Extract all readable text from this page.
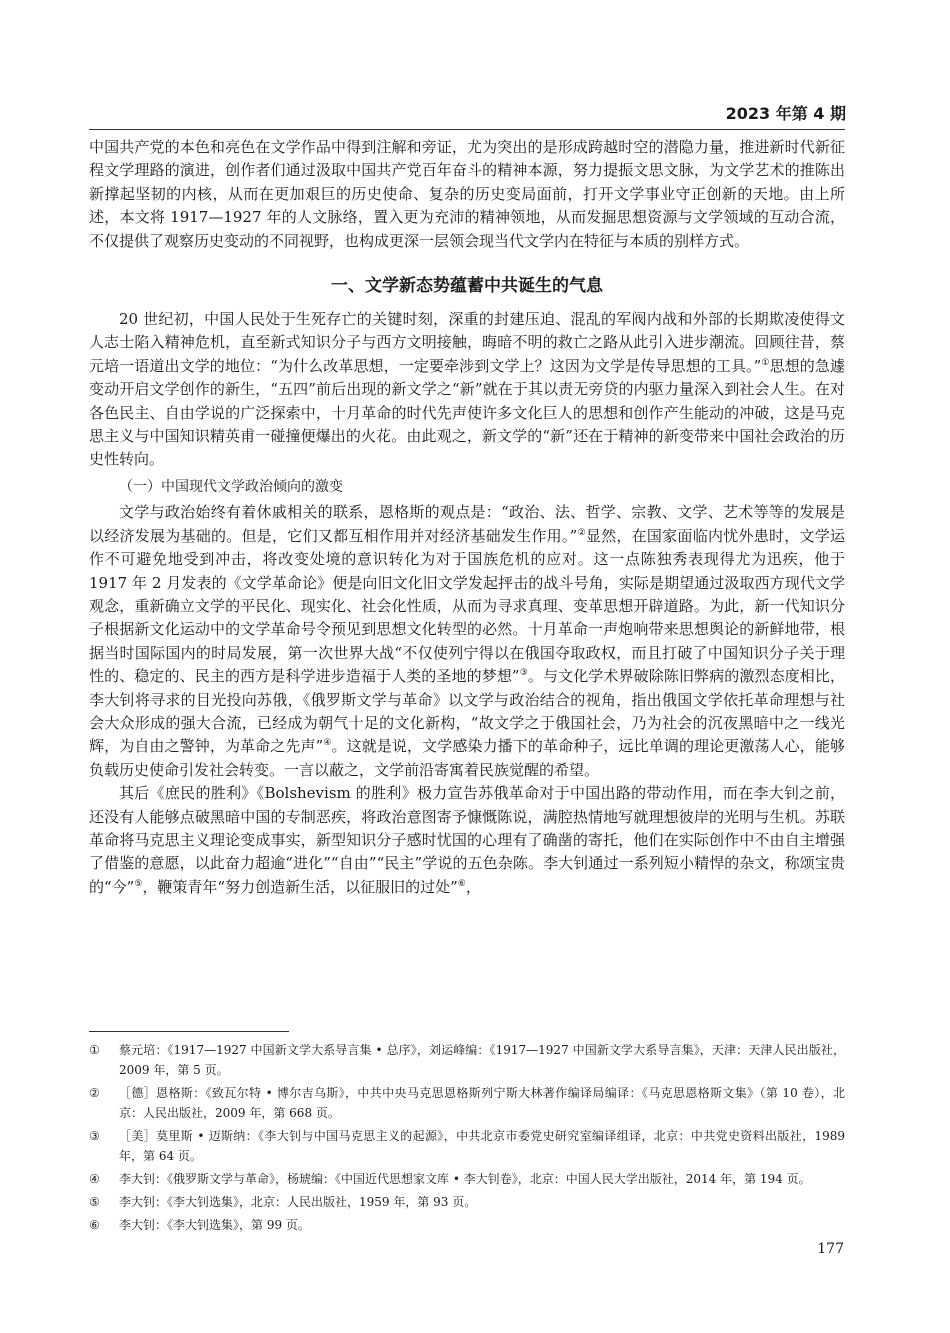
2023 年第 4 期

中国共产党的本色和亮色在文学作品中得到注解和旁证，尤为突出的是形成跨越时空的潜隐力量，推进新时代新征程文学理路的演进，创作者们通过汲取中国共产党百年奋斗的精神本源，努力提振文思文脉，为文学艺术的推陈出新撑起坚韧的内核，从而在更加艰巨的历史使命、复杂的历史变局面前，打开文学事业守正创新的天地。由上所述，本文将 1917—1927 年的人文脉络，置入更为充沛的精神领地，从而发掘思想资源与文学领域的互动合流，不仅提供了观察历史变动的不同视野，也构成更深一层领会现当代文学内在特征与本质的别样方式。

一、文学新态势蕴蓄中共诞生的气息

20 世纪初，中国人民处于生死存亡的关键时刻，深重的封建压迫、混乱的军阀内战和外部的长期欺凌使得文人志士陷入精神危机，直至新式知识分子与西方文明接触，晦暗不明的救亡之路从此引入进步潮流。回顾往昔，蔡元培一语道出文学的地位：“为什么改革思想，一定要牵涉到文学上？这因为文学是传导思想的工具。”①思想的急遽变动开启文学创作的新生，“五四”前后出现的新文学之“新”就在于其以责无旁贷的内驱力量深入到社会人生。在对各色民主、自由学说的广泛探索中，十月革命的时代先声使许多文化巨人的思想和创作产生能动的冲破，这是马克思主义与中国知识精英甫一碰撞便爆出的火花。由此观之，新文学的“新”还在于精神的新变带来中国社会政治的历史性转向。

（一）中国现代文学政治倾向的激变

文学与政治始终有着休戚相关的联系，恩格斯的观点是：“政治、法、哲学、宗教、文学、艺术等等的发展是以经济发展为基础的。但是，它们又都互相作用并对经济基础发生作用。”②显然，在国家面临内忧外患时，文学运作不可避免地受到冲击，将改变处境的意识转化为对于国族危机的应对。这一点陈独秀表现得尤为迅疾，他于 1917 年 2 月发表的《文学革命论》便是向旧文化旧文学发起抨击的战斗号角，实际是期望通过汲取西方现代文学观念，重新确立文学的平民化、现实化、社会化性质，从而为寻求真理、变革思想开辟道路。为此，新一代知识分子根据新文化运动中的文学革命号令预见到思想文化转型的必然。十月革命一声炮响带来思想舆论的新鲜地带，根据当时国际国内的时局发展，第一次世界大战“不仅使列宁得以在俄国夺取政权，而且打破了中国知识分子关于理性的、稳定的、民主的西方是科学进步造福于人类的圣地的梦想”③。与文化学术界破除陈旧弊病的激烈态度相比，李大钊将寻求的目光投向苏俄，《俄罗斯文学与革命》以文学与政治结合的视角，指出俄国文学依托革命理想与社会大众形成的强大合流，已经成为朝气十足的文化新构，“故文学之于俄国社会，乃为社会的沉夜黑暗中之一线光辉，为自由之警钟，为革命之先声”④。这就是说，文学感染力播下的革命种子，远比单调的理论更激荡人心，能够负载历史使命引发社会转变。一言以蔽之，文学前沿寄寓着民族觉醒的希望。

其后《庶民的胜利》《Bolshevism 的胜利》极力宣告苏俄革命对于中国出路的带动作用，而在李大钊之前，还没有人能够点破黑暗中国的专制恶疾，将政治意图寄予慷慨陈说，满腔热情地写就理想彼岸的光明与生机。苏联革命将马克思主义理论变成事实，新型知识分子感时忧国的心理有了确凿的寄托，他们在实际创作中不由自主增强了借鉴的意愿，以此奋力超逾“进化”“自由”“民主”学说的五色杂陈。李大钊通过一系列短小精悍的杂文，称颂宝贵的“今”⑤，鞭策青年“努力创造新生活，以征服旧的过处”⑥，

①	蔡元培：《1917—1927 中国新文学大系导言集 • 总序》，刘运峰编：《1917—1927 中国新文学大系导言集》，天津：天津人民出版社，2009 年，第 5 页。
②	［德］恩格斯：《致瓦尔特 • 博尔吉乌斯》，中共中央马克思恩格斯列宁斯大林著作编译局编译：《马克思恩格斯文集》（第 10 卷），北京：人民出版社，2009 年，第 668 页。
③	［美］莫里斯 • 迈斯纳：《李大钊与中国马克思主义的起源》，中共北京市委党史研究室编译组译，北京：中共党史资料出版社，1989 年，第 64 页。
④	李大钊：《俄罗斯文学与革命》，杨琥编：《中国近代思想家文库 • 李大钊卷》，北京：中国人民大学出版社，2014 年，第 194 页。
⑤	李大钊：《李大钊选集》，北京：人民出版社，1959 年，第 93 页。
⑥	李大钊：《李大钊选集》，第 99 页。
177
